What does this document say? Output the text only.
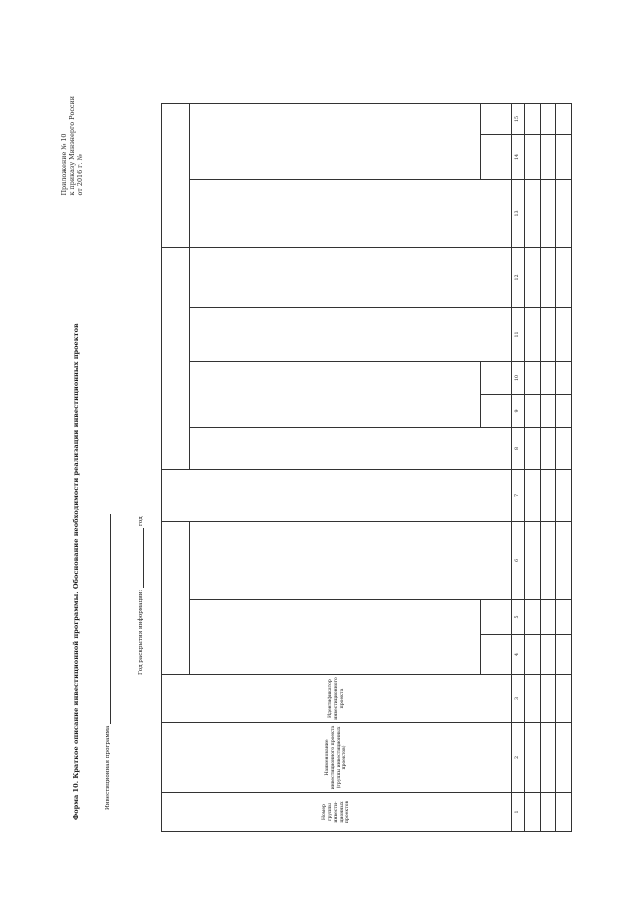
Приложение № 10 к приказу Минэнерго России от 2016 г. №
Форма 10. Краткое описание инвестиционной программы. Обоснование необходимости реализации инвестиционных проектов	Инвестиционная программа
Год раскрытия информации:  год
Номер группы инвести-ционных проектов	Наименование инвестиционного проекта (группы инвестиционных проектов)	Идентификатор инвестиционного проекта												

1	2	3	4	5	6	7	8	9	10	11	12	13	14	15
